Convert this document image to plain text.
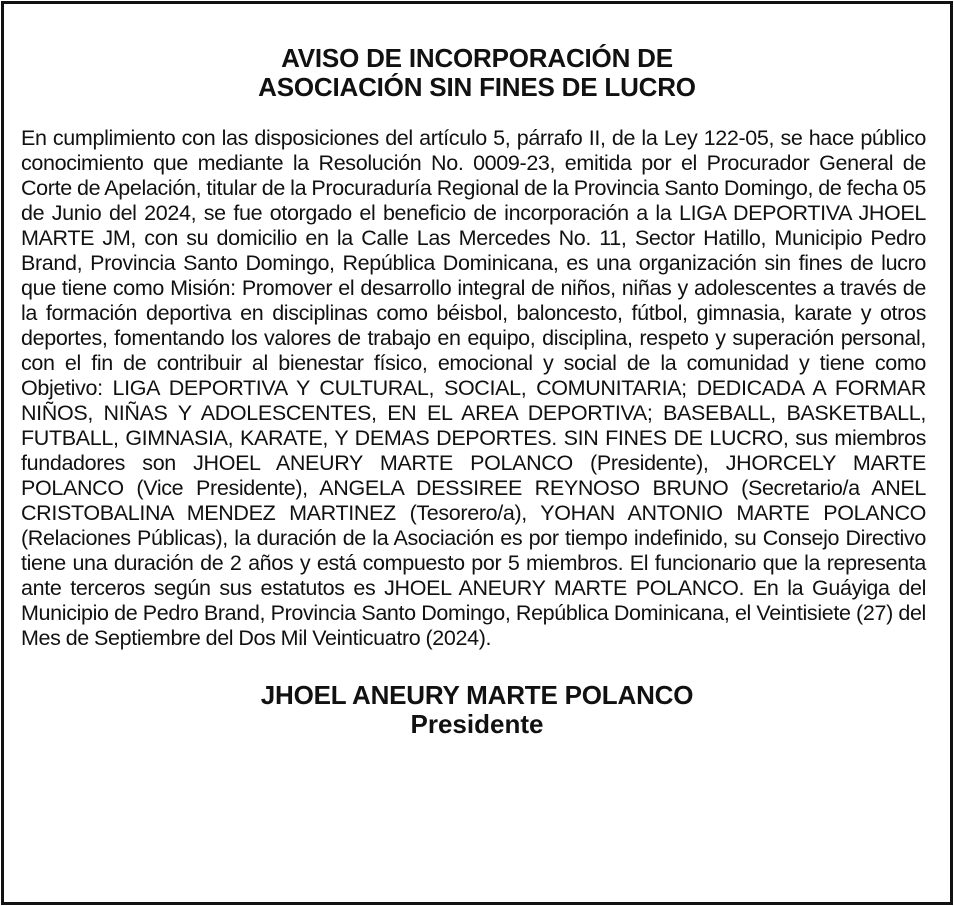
AVISO DE INCORPORACIÓN DE
ASOCIACIÓN SIN FINES DE LUCRO

En cumplimiento con las disposiciones del artículo 5, párrafo II, de la Ley 122-05, se hace público conocimiento que mediante la Resolución No. 0009-23, emitida por el Procurador General de Corte de Apelación, titular de la Procuraduría Regional de la Provincia Santo Domingo, de fecha 05 de Junio del 2024, se fue otorgado el beneficio de incorporación a la LIGA DEPORTIVA JHOEL MARTE JM, con su domicilio en la Calle Las Mercedes No. 11, Sector Hatillo, Municipio Pedro Brand, Provincia Santo Domingo, República Dominicana, es una organización sin fines de lucro que tiene como Misión: Promover el desarrollo integral de niños, niñas y adolescentes a través de la formación deportiva en disciplinas como béisbol, baloncesto, fútbol, gimnasia, karate y otros deportes, fomentando los valores de trabajo en equipo, disciplina, respeto y superación personal, con el fin de contribuir al bienestar físico, emocional y social de la comunidad y tiene como Objetivo: LIGA DEPORTIVA Y CULTURAL, SOCIAL, COMUNITARIA; DEDICADA A FORMAR NIÑOS, NIÑAS Y ADOLESCENTES, EN EL AREA DEPORTIVA; BASEBALL, BASKETBALL, FUTBALL, GIMNASIA, KARATE, Y DEMAS DEPORTES. SIN FINES DE LUCRO, sus miembros fundadores son JHOEL ANEURY MARTE POLANCO (Presidente), JHORCELY MARTE POLANCO (Vice Presidente), ANGELA DESSIREE REYNOSO BRUNO (Secretario/a ANEL CRISTOBALINA MENDEZ MARTINEZ (Tesorero/a), YOHAN ANTONIO MARTE POLANCO (Relaciones Públicas), la duración de la Asociación es por tiempo indefinido, su Consejo Directivo tiene una duración de 2 años y está compuesto por 5 miembros. El funcionario que la representa ante terceros según sus estatutos es JHOEL ANEURY MARTE POLANCO. En la Guáyiga del Municipio de Pedro Brand, Provincia Santo Domingo, República Dominicana, el Veintisiete (27) del Mes de Septiembre del Dos Mil Veinticuatro (2024).

JHOEL ANEURY MARTE POLANCO
Presidente
